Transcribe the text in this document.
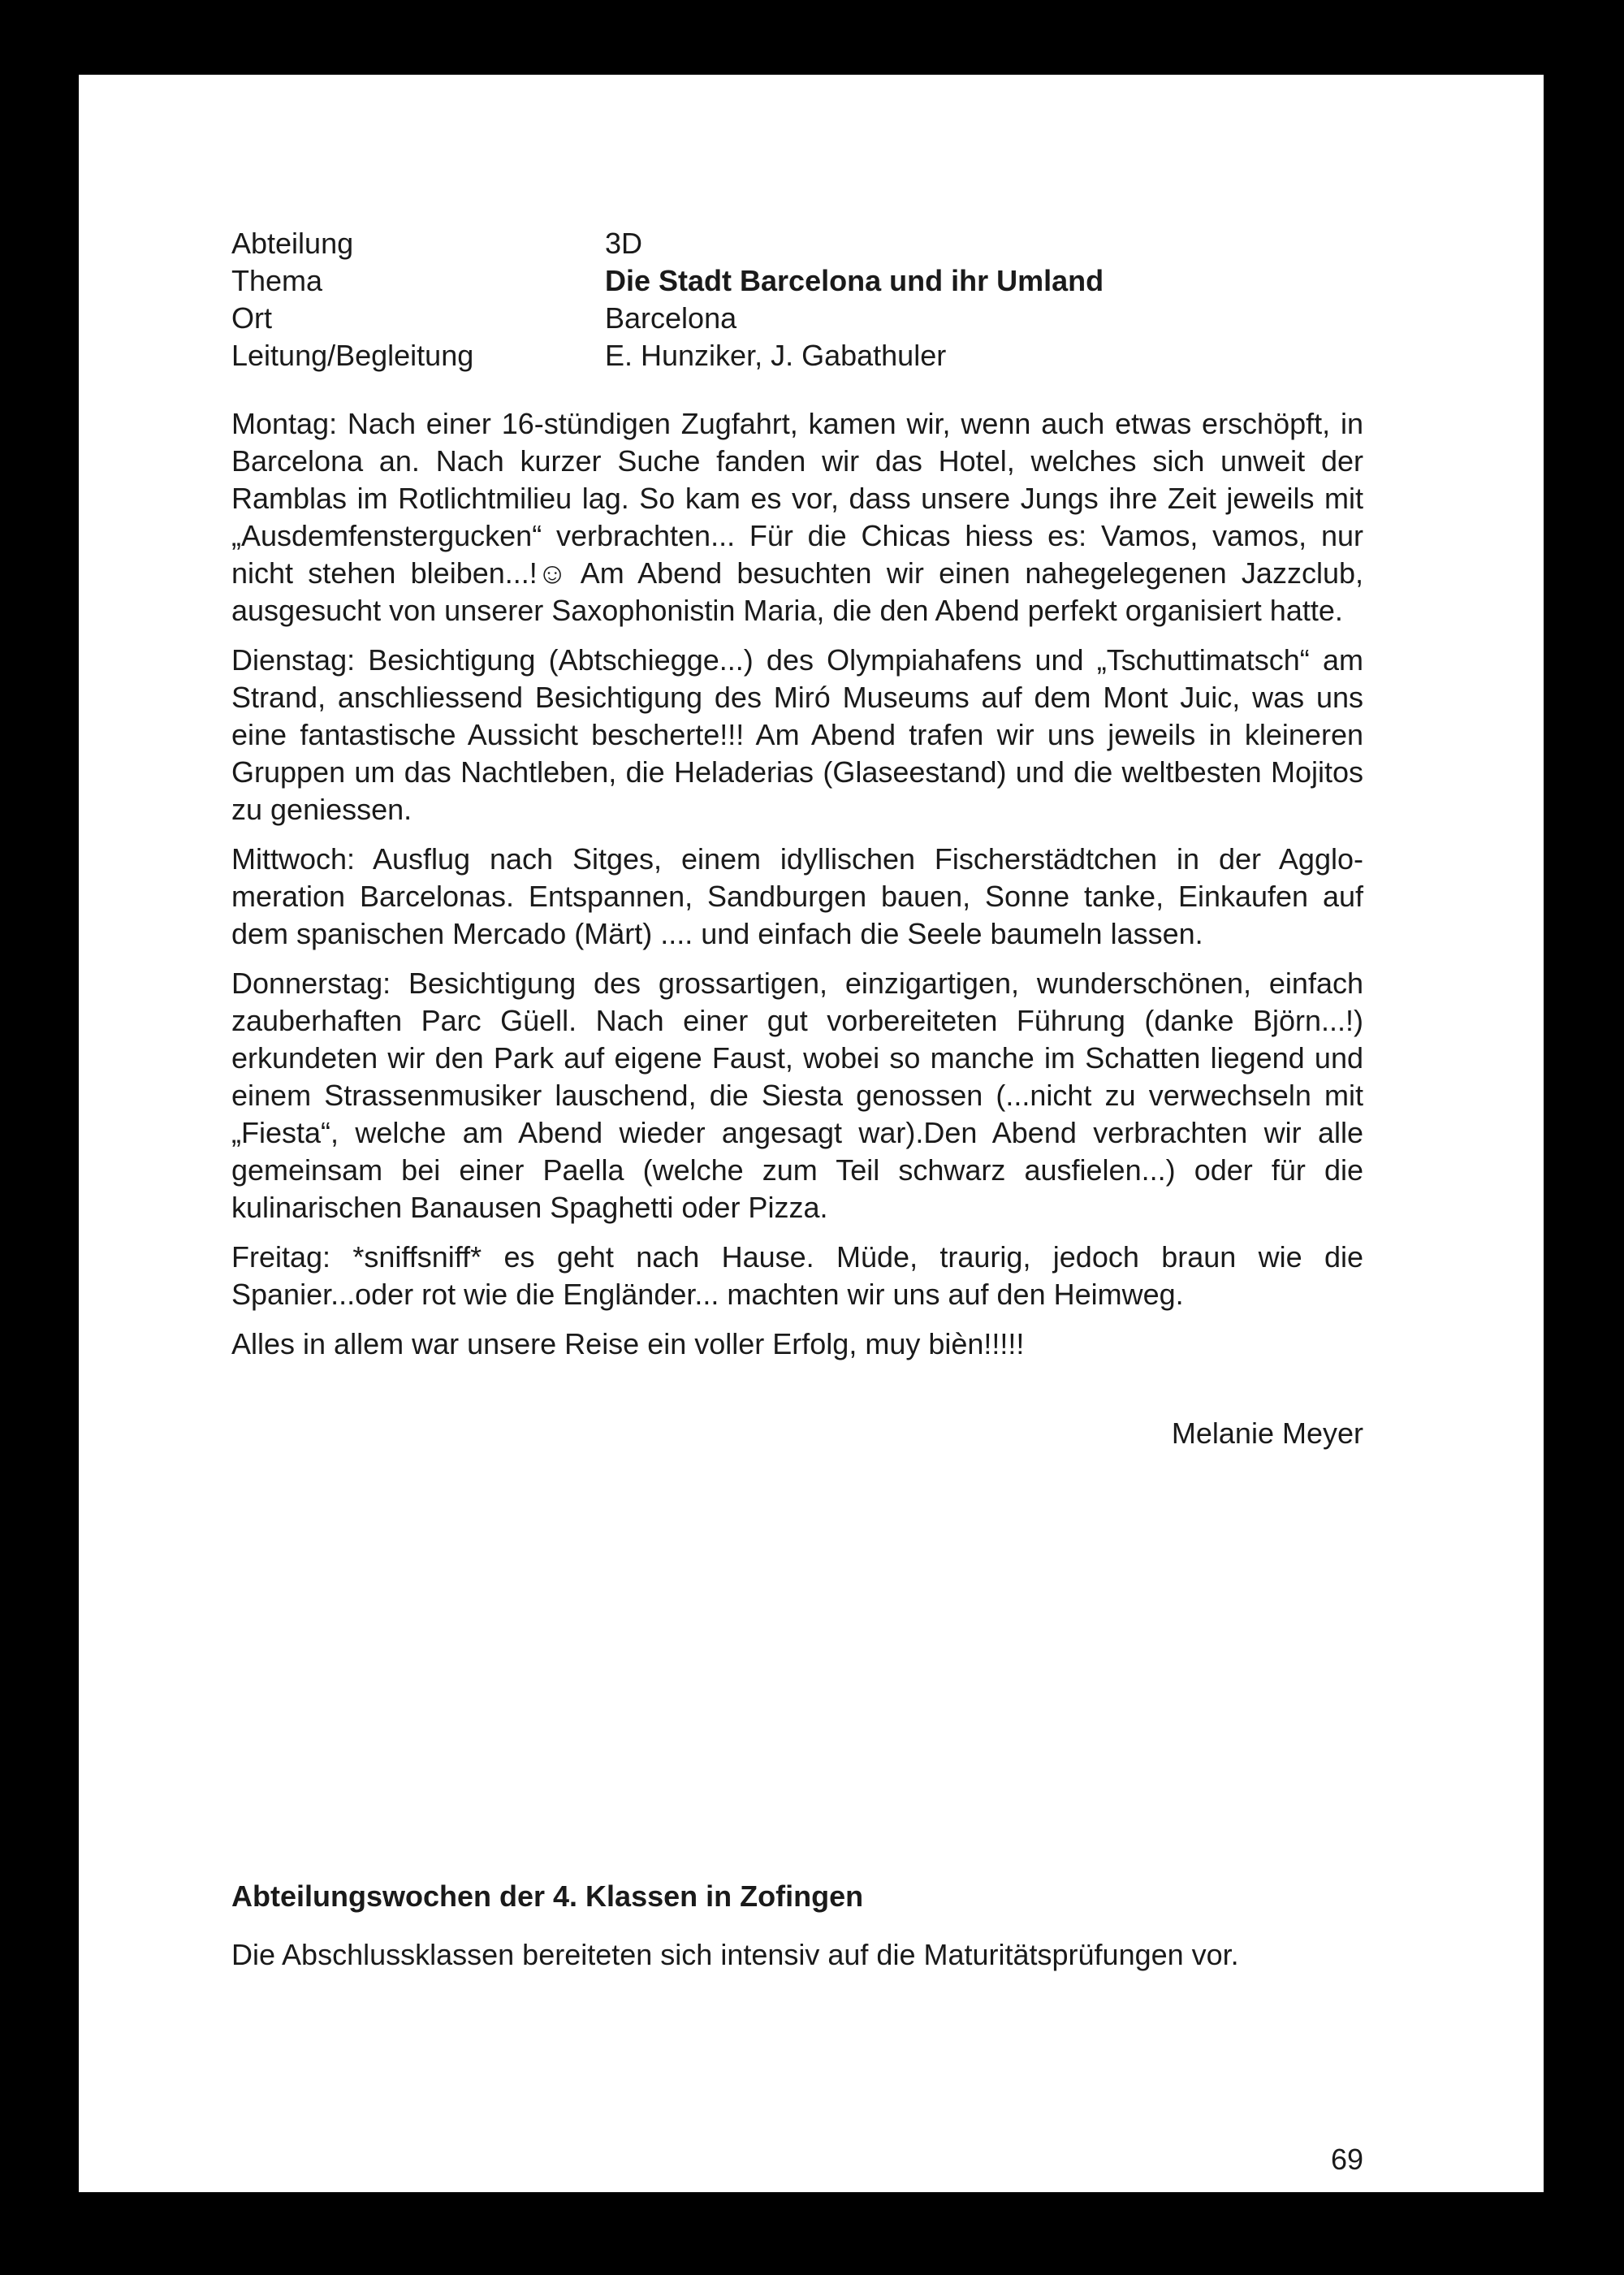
Abteilung	3D
Thema	Die Stadt Barcelona und ihr Umland
Ort	Barcelona
Leitung/Begleitung	E. Hunziker, J. Gabathuler

Montag: Nach einer 16-stündigen Zugfahrt, kamen wir, wenn auch etwas erschöpft, in Barcelona an. Nach kurzer Suche fanden wir das Hotel, welches sich unweit der Ramblas im Rotlichtmilieu lag. So kam es vor, dass unsere Jungs ihre Zeit jeweils mit „Ausdemfenstergucken“ verbrachten... Für die Chicas hiess es: Vamos, vamos, nur nicht stehen bleiben...!☺ Am Abend besuchten wir einen nahegelegenen Jazzclub, ausgesucht von unserer Saxophonistin Maria, die den Abend perfekt organisiert hatte.

Dienstag: Besichtigung (Abtschiegge...) des Olympiahafens und „Tschuttimatsch“ am Strand, anschliessend Besichtigung des Miró Museums auf dem Mont Juic, was uns eine fantastische Aussicht bescherte!!! Am Abend trafen wir uns jeweils in kleineren Gruppen um das Nachtleben, die Heladerias (Glaseestand) und die weltbesten Mojitos zu geniessen.

Mittwoch: Ausflug nach Sitges, einem idyllischen Fischerstädtchen in der Agglomeration Barcelonas. Entspannen, Sandburgen bauen, Sonne tanke, Einkaufen auf dem spanischen Mercado (Märt) .... und einfach die Seele baumeln lassen.

Donnerstag: Besichtigung des grossartigen, einzigartigen, wunderschönen, einfach zauberhaften Parc Güell. Nach einer gut vorbereiteten Führung (danke Björn...!) erkundeten wir den Park auf eigene Faust, wobei so manche im Schatten liegend und einem Strassenmusiker lauschend, die Siesta genossen (...nicht zu verwechseln mit „Fiesta“, welche am Abend wieder angesagt war).Den Abend verbrachten wir alle gemeinsam bei einer Paella (welche zum Teil schwarz ausfielen...) oder für die kulinarischen Banausen Spaghetti oder Pizza.

Freitag: *sniffsniff* es geht nach Hause. Müde, traurig, jedoch braun wie die Spanier...oder rot wie die Engländer... machten wir uns auf den Heimweg.

Alles in allem war unsere Reise ein voller Erfolg, muy bièn!!!!!

Melanie Meyer
Abteilungswochen der 4. Klassen in Zofingen
Die Abschlussklassen bereiteten sich intensiv auf die Maturitätsprüfungen vor.
69
